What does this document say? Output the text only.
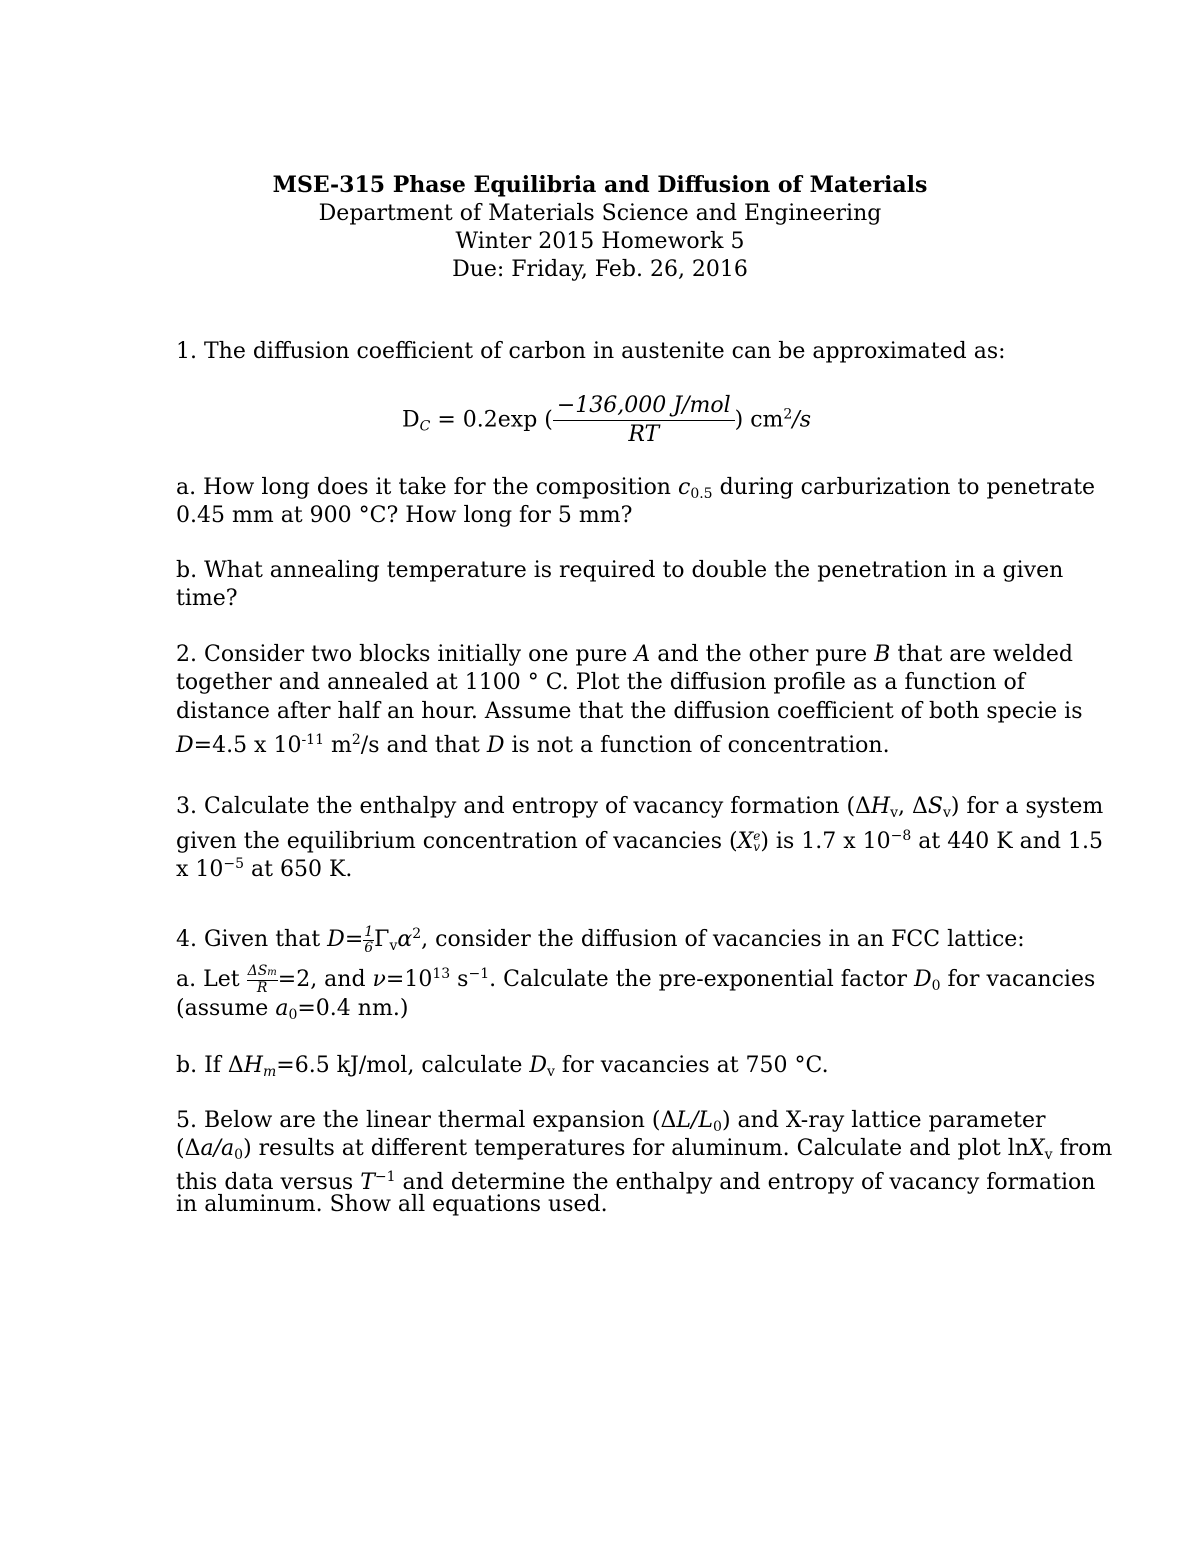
MSE-315 Phase Equilibria and Diffusion of Materials
Department of Materials Science and Engineering
Winter 2015 Homework 5
Due: Friday, Feb. 26, 2016
1. The diffusion coefficient of carbon in austenite can be approximated as:
$D_C = 0.2\exp$ ( $\frac{\text{−136,000 J/mol}}{RT}$ ) $cm^2/s$
a. How long does it take for the composition $c_{0.5}$ during carburization to penetrate
0.45 mm at 900 °C? How long for 5 mm?
b. What annealing temperature is required to double the penetration in a given
time?
2. Consider two blocks initially one pure A and the other pure B that are welded
together and annealed at 1100 ° C. Plot the diffusion profile as a function of
distance after half an hour. Assume that the diffusion coefficient of both specie is
D=4.5 x $10^{-11}$ $m^2/s$ and that D is not a function of concentration.
3. Calculate the enthalpy and entropy of vacancy formation ($\Delta H_v$, $\Delta S_v$) for a system
given the equilibrium concentration of vacancies (X e
v ) is 1.7 x $10^{-8}$ at 440 K and 1.5
x $10^{-5}$ at 650 K.
4. Given that $D= \frac{1}{6} \Gamma_v\alpha^2$, consider the diffusion of vacancies in an FCC lattice:
a. Let $\frac{\text{ΔSm}}{R} =2$, and $\nu=10^{13}$ $s^{-1}$. Calculate the pre-exponential factor $D_0$ for vacancies
(assume $a_0=0.4$ nm.)
b. If $\Delta H_m=6.5$ kJ/mol, calculate $D_v$ for vacancies at 750 °C.
5. Below are the linear thermal expansion $(\Delta L/L_0)$ and X-ray lattice parameter
$(\Delta a/a_0)$ results at different temperatures for aluminum. Calculate and plot lnX$_v$ from
this data versus $T^{-1}$ and determine the enthalpy and entropy of vacancy formation
in aluminum. Show all equations used.
